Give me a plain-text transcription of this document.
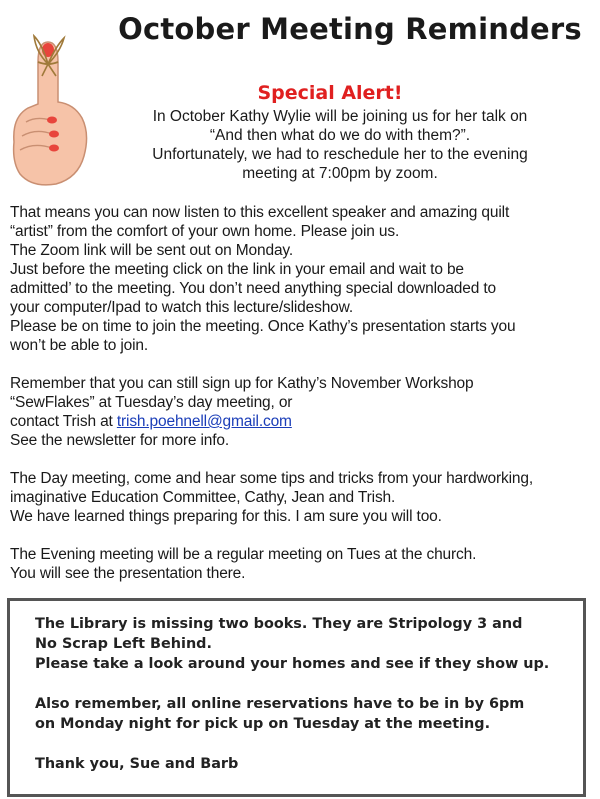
October Meeting Reminders
Special Alert!
In October Kathy Wylie will be joining us for her talk on
“And then what do we do with them?”.
Unfortunately, we had to reschedule her to the evening
meeting at 7:00pm by zoom.

That means you can now listen to this excellent speaker and amazing quilt

“artist” from the comfort of your own home. Please join us.

The Zoom link will be sent out on Monday.

Just before the meeting click on the link in your email and wait to be

admitted’ to the meeting. You don’t need anything special downloaded to

your computer/Ipad to watch this lecture/slideshow.

Please be on time to join the meeting. Once Kathy’s presentation starts you

won’t be able to join.

Remember that you can still sign up for Kathy’s November Workshop

“SewFlakes” at Tuesday’s day meeting, or

contact Trish at trish.poehnell@gmail.com

See the newsletter for more info.

The Day meeting, come and hear some tips and tricks from your hardworking,

imaginative Education Committee, Cathy, Jean and Trish.

We have learned things preparing for this. I am sure you will too.

The Evening meeting will be a regular meeting on Tues at the church.

You will see the presentation there.

The Library is missing two books. They are Stripology 3 and

No Scrap Left Behind.

Please take a look around your homes and see if they show up.

Also remember, all online reservations have to be in by 6pm

on Monday night for pick up on Tuesday at the meeting.

Thank you, Sue and Barb
